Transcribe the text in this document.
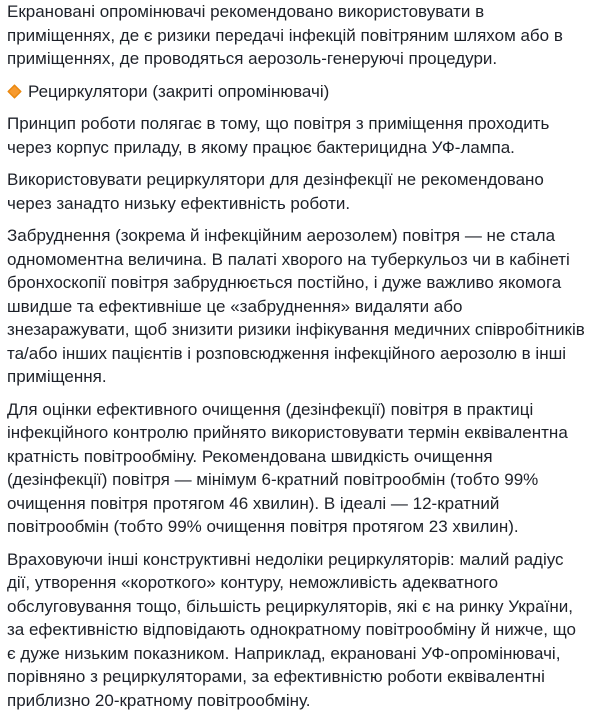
Екрановані опромінювачі рекомендовано використовувати в
приміщеннях, де є ризики передачі інфекцій повітряним шляхом або в
приміщеннях, де проводяться аерозоль-генеруючі процедури.

Рециркулятори (закриті опромінювачі)

Принцип роботи полягає в тому, що повітря з приміщення проходить
через корпус приладу, в якому працює бактерицидна УФ-лампа.

Використовувати рециркулятори для дезінфекції не рекомендовано
через занадто низьку ефективність роботи.

Забруднення (зокрема й інфекційним аерозолем) повітря — не стала
одномоментна величина. В палаті хворого на туберкульоз чи в кабінеті
бронхоскопії повітря забруднюється постійно, і дуже важливо якомога
швидше та ефективніше це «забруднення» видаляти або
знезаражувати, щоб знизити ризики інфікування медичних співробітників
та/або інших пацієнтів і розповсюдження інфекційного аерозолю в інші
приміщення.

Для оцінки ефективного очищення (дезінфекції) повітря в практиці
інфекційного контролю прийнято використовувати термін еквівалентна
кратність повітрообміну. Рекомендована швидкість очищення
(дезінфекції) повітря — мінімум 6-кратний повітрообмін (тобто 99%
очищення повітря протягом 46 хвилин). В ідеалі — 12-кратний
повітрообмін (тобто 99% очищення повітря протягом 23 хвилин).

Враховуючи інші конструктивні недоліки рециркуляторів: малий радіус
дії, утворення «короткого» контуру, неможливість адекватного
обслуговування тощо, більшість рециркуляторів, які є на ринку України,
за ефективністю відповідають однократному повітрообміну й нижче, що
є дуже низьким показником. Наприклад, екрановані УФ-опромінювачі,
порівняно з рециркуляторами, за ефективністю роботи еквівалентні
приблизно 20-кратному повітрообміну.
